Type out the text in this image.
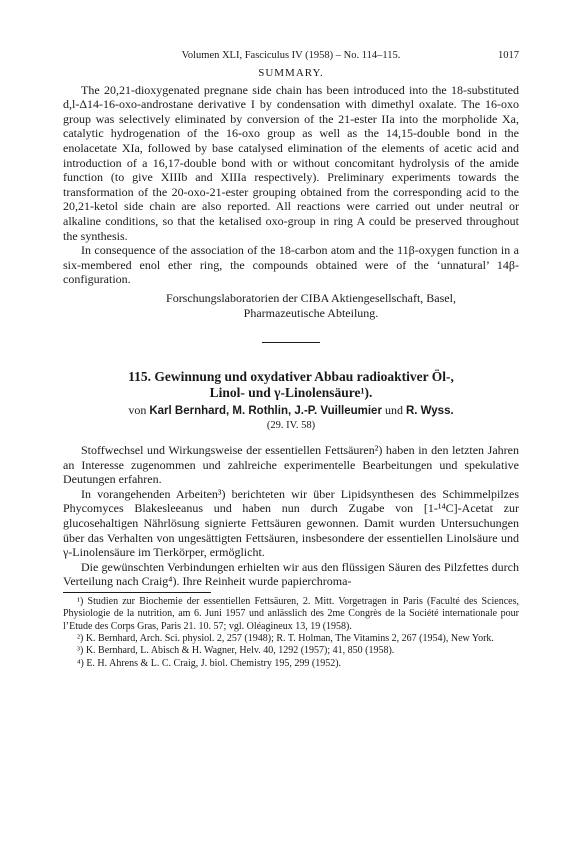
Volumen XLI, Fasciculus IV (1958) – No. 114–115.	1017

SUMMARY.

The 20,21-dioxygenated pregnane side chain has been introduced into the 18-substituted d,l-Δ14-16-oxo-androstane derivative I by condensation with dimethyl oxalate. The 16-oxo group was selectively eliminated by conversion of the 21-ester IIa into the morpholide Xa, catalytic hydrogenation of the 16-oxo group as well as the 14,15-double bond in the enolacetate XIa, followed by base catalysed elimination of the elements of acetic acid and introduction of a 16,17-double bond with or without concomitant hydrolysis of the amide function (to give XIIIb and XIIIa respectively). Preliminary experiments towards the transformation of the 20-oxo-21-ester grouping obtained from the corresponding acid to the 20,21-ketol side chain are also reported. All reactions were carried out under neutral or alkaline conditions, so that the ketalised oxo-group in ring A could be preserved throughout the synthesis.

In consequence of the association of the 18-carbon atom and the 11β-oxygen function in a six-membered enol ether ring, the compounds obtained were of the ‘unnatural’ 14β-configuration.

Forschungslaboratorien der CIBA Aktiengesellschaft, Basel,
Pharmazeutische Abteilung.
115. Gewinnung und oxydativer Abbau radioaktiver Öl-,
Linol- und γ-Linolensäure¹).
von Karl Bernhard, M. Rothlin, J.-P. Vuilleumier und R. Wyss.
(29. IV. 58)

Stoffwechsel und Wirkungsweise der essentiellen Fettsäuren²) haben in den letzten Jahren an Interesse zugenommen und zahlreiche experimentelle Bearbeitungen und spekulative Deutungen erfahren.

In vorangehenden Arbeiten³) berichteten wir über Lipidsynthesen des Schimmelpilzes Phycomyces Blakesleeanus und haben nun durch Zugabe von [1-¹⁴C]-Acetat zur glucosehaltigen Nährlösung signierte Fettsäuren gewonnen. Damit wurden Untersuchungen über das Verhalten von ungesättigten Fettsäuren, insbesondere der essentiellen Linolsäure und γ-Linolensäure im Tierkörper, ermöglicht.

Die gewünschten Verbindungen erhielten wir aus den flüssigen Säuren des Pilzfettes durch Verteilung nach Craig⁴). Ihre Reinheit wurde papierchroma-

¹) Studien zur Biochemie der essentiellen Fettsäuren, 2. Mitt. Vorgetragen in Paris (Faculté des Sciences, Physiologie de la nutrition, am 6. Juni 1957 und anlässlich des 2me Congrès de la Société internationale pour l’Etude des Corps Gras, Paris 21. 10. 57; vgl. Oléagineux 13, 19 (1958).

²) K. Bernhard, Arch. Sci. physiol. 2, 257 (1948); R. T. Holman, The Vitamins 2, 267 (1954), New York.

³) K. Bernhard, L. Abisch & H. Wagner, Helv. 40, 1292 (1957); 41, 850 (1958).

⁴) E. H. Ahrens & L. C. Craig, J. biol. Chemistry 195, 299 (1952).
